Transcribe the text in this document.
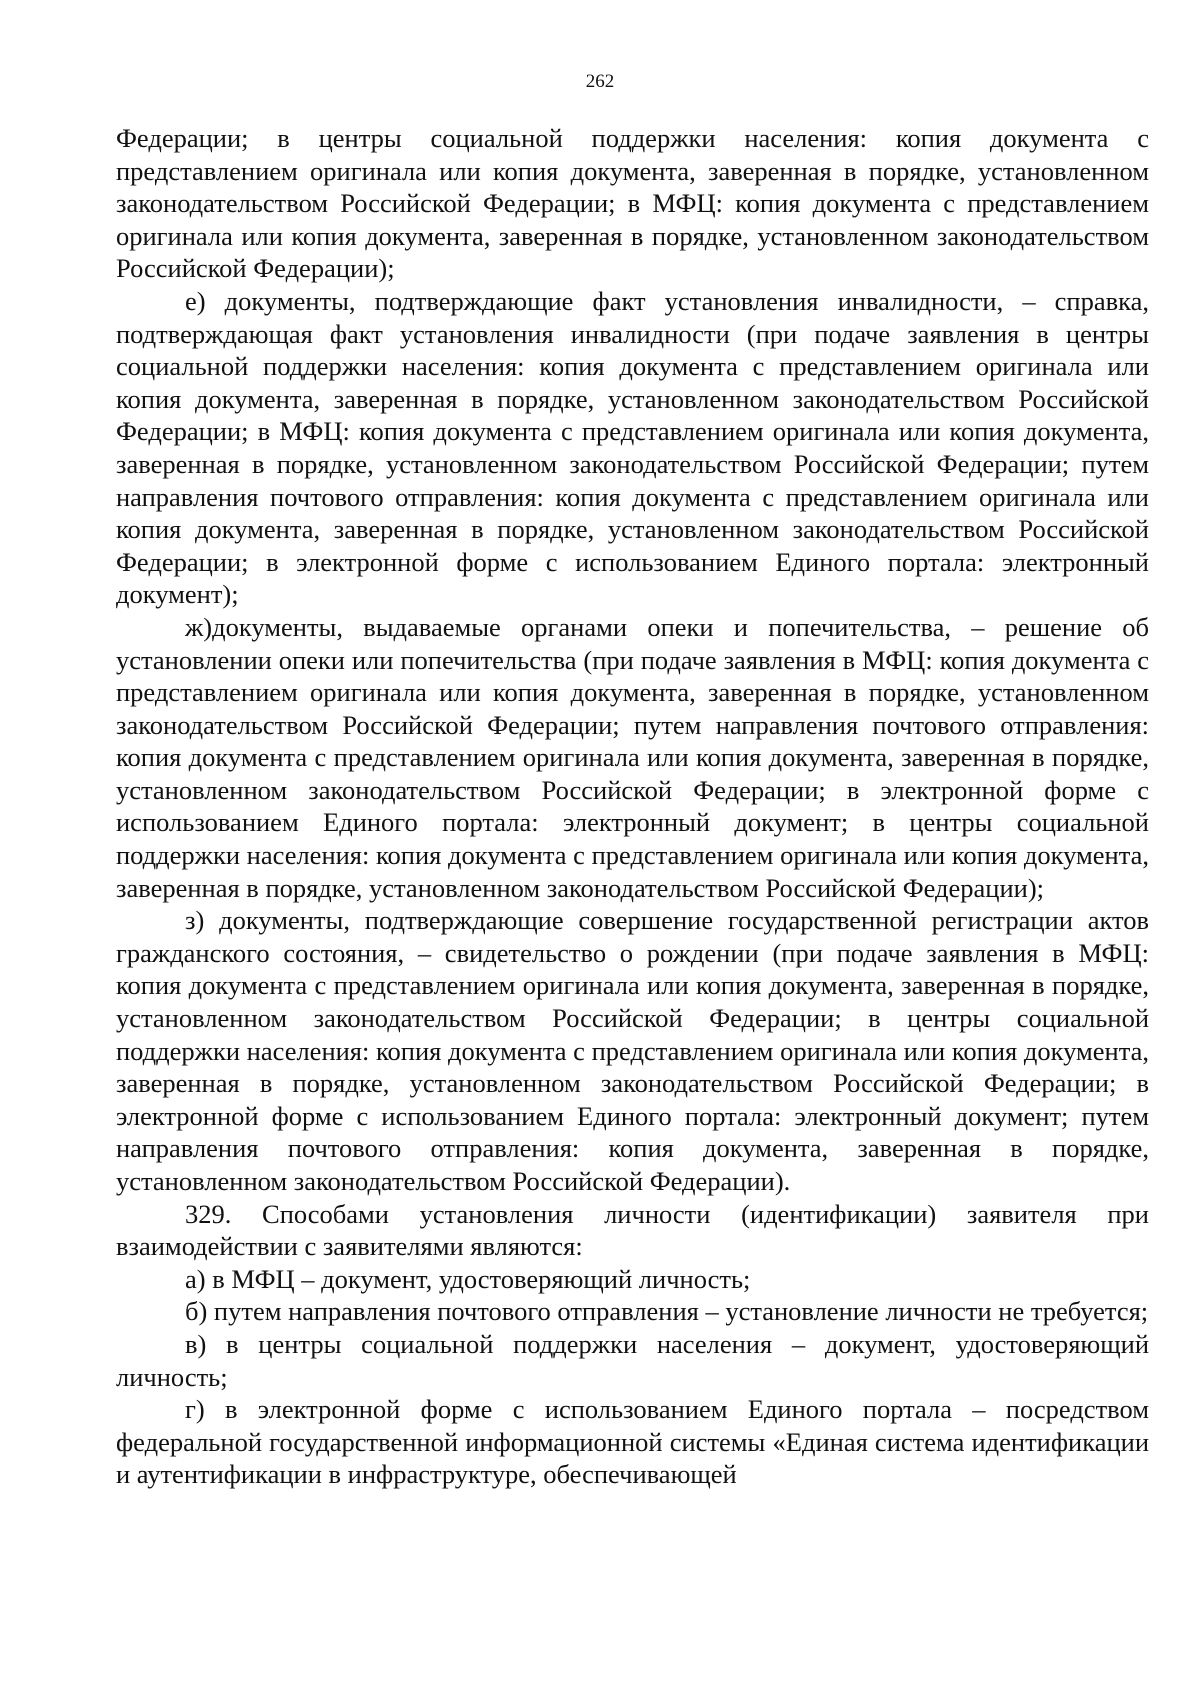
262

Федерации; в центры социальной поддержки населения: копия документа с представлением оригинала или копия документа, заверенная в порядке, установленном законодательством Российской Федерации; в МФЦ: копия документа с представлением оригинала или копия документа, заверенная в порядке, установленном законодательством Российской Федерации);

е) документы, подтверждающие факт установления инвалидности, – справка, подтверждающая факт установления инвалидности (при подаче заявления в центры социальной поддержки населения: копия документа с представлением оригинала или копия документа, заверенная в порядке, установленном законодательством Российской Федерации; в МФЦ: копия документа с представлением оригинала или копия документа, заверенная в порядке, установленном законодательством Российской Федерации; путем направления почтового отправления: копия документа с представлением оригинала или копия документа, заверенная в порядке, установленном законодательством Российской Федерации; в электронной форме с использованием Единого портала: электронный документ);

ж)документы, выдаваемые органами опеки и попечительства, – решение об установлении опеки или попечительства (при подаче заявления в МФЦ: копия документа с представлением оригинала или копия документа, заверенная в порядке, установленном законодательством Российской Федерации; путем направления почтового отправления: копия документа с представлением оригинала или копия документа, заверенная в порядке, установленном законодательством Российской Федерации; в электронной форме с использованием Единого портала: электронный документ; в центры социальной поддержки населения: копия документа с представлением оригинала или копия документа, заверенная в порядке, установленном законодательством Российской Федерации);

з) документы, подтверждающие совершение государственной регистрации актов гражданского состояния, – свидетельство о рождении (при подаче заявления в МФЦ: копия документа с представлением оригинала или копия документа, заверенная в порядке, установленном законодательством Российской Федерации; в центры социальной поддержки населения: копия документа с представлением оригинала или копия документа, заверенная в порядке, установленном законодательством Российской Федерации; в электронной форме с использованием Единого портала: электронный документ; путем направления почтового отправления: копия документа, заверенная в порядке, установленном законодательством Российской Федерации).

329. Способами установления личности (идентификации) заявителя при взаимодействии с заявителями являются:

а) в МФЦ – документ, удостоверяющий личность;

б) путем направления почтового отправления – установление личности не требуется;

в) в центры социальной поддержки населения – документ, удостоверяющий личность;

г) в электронной форме с использованием Единого портала – посредством федеральной государственной информационной системы «Единая система идентификации и аутентификации в инфраструктуре, обеспечивающей
